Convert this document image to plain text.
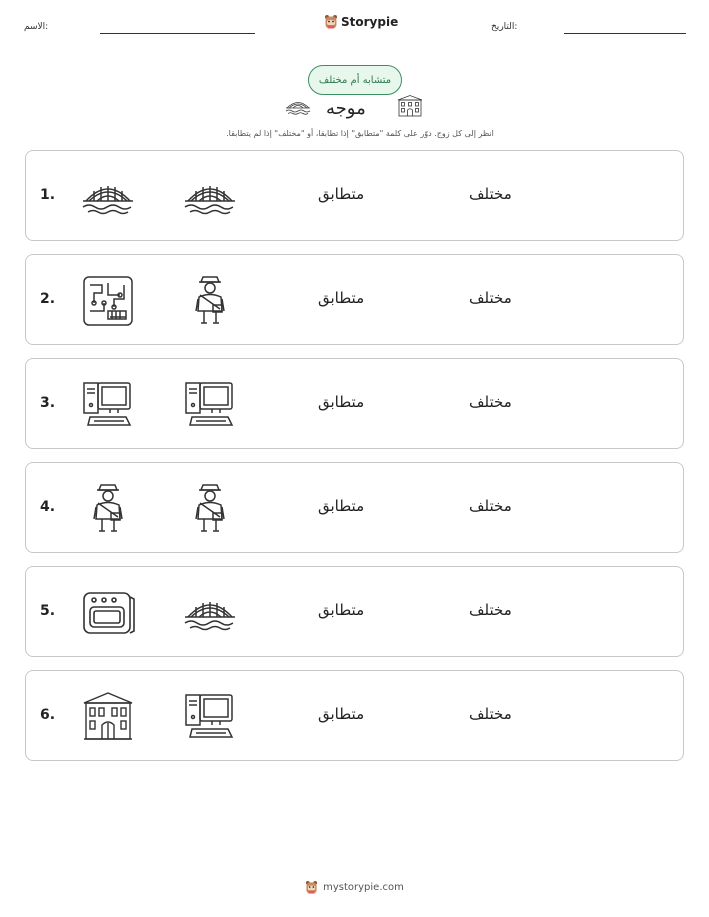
الاسم:	Storypie	التاريخ:
متشابه أم مختلف
موجه
انظر إلى كل زوج. دوّر على كلمة "متطابق" إذا تطابقا، أو "مختلف" إذا لم يتطابقا.
1.	متطابق	مختلف
2.	متطابق	مختلف
3.	متطابق	مختلف
4.	متطابق	مختلف
5.	متطابق	مختلف
6.	متطابق	مختلف
mystorypie.com
